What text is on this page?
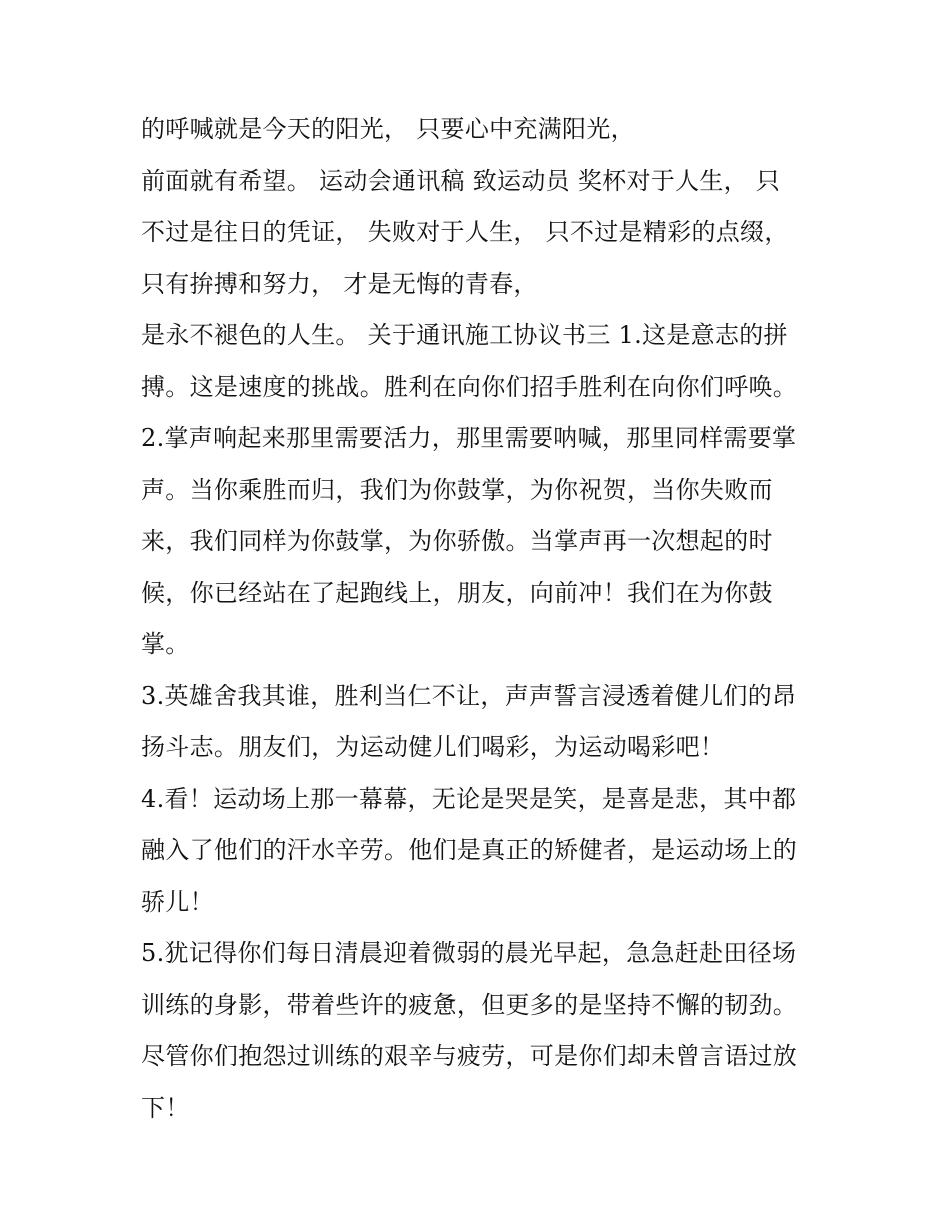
的呼喊就是今天的阳光， 只要心中充满阳光，
前面就有希望。 运动会通讯稿 致运动员 奖杯对于人生， 只
不过是往日的凭证， 失败对于人生， 只不过是精彩的点缀，
只有拚搏和努力， 才是无悔的青春，
是永不褪色的人生。 关于通讯施工协议书三 1.这是意志的拼
搏。这是速度的挑战。胜利在向你们招手胜利在向你们呼唤。
2.掌声响起来那里需要活力，那里需要呐喊，那里同样需要掌
声。当你乘胜而归，我们为你鼓掌，为你祝贺，当你失败而
来，我们同样为你鼓掌，为你骄傲。当掌声再一次想起的时
候，你已经站在了起跑线上，朋友，向前冲！我们在为你鼓
掌。
3.英雄舍我其谁，胜利当仁不让，声声誓言浸透着健儿们的昂
扬斗志。朋友们，为运动健儿们喝彩，为运动喝彩吧！
4.看！运动场上那一幕幕，无论是哭是笑，是喜是悲，其中都
融入了他们的汗水辛劳。他们是真正的矫健者，是运动场上的
骄儿！
5.犹记得你们每日清晨迎着微弱的晨光早起，急急赶赴田径场
训练的身影，带着些许的疲惫，但更多的是坚持不懈的韧劲。
尽管你们抱怨过训练的艰辛与疲劳，可是你们却未曾言语过放
下！
